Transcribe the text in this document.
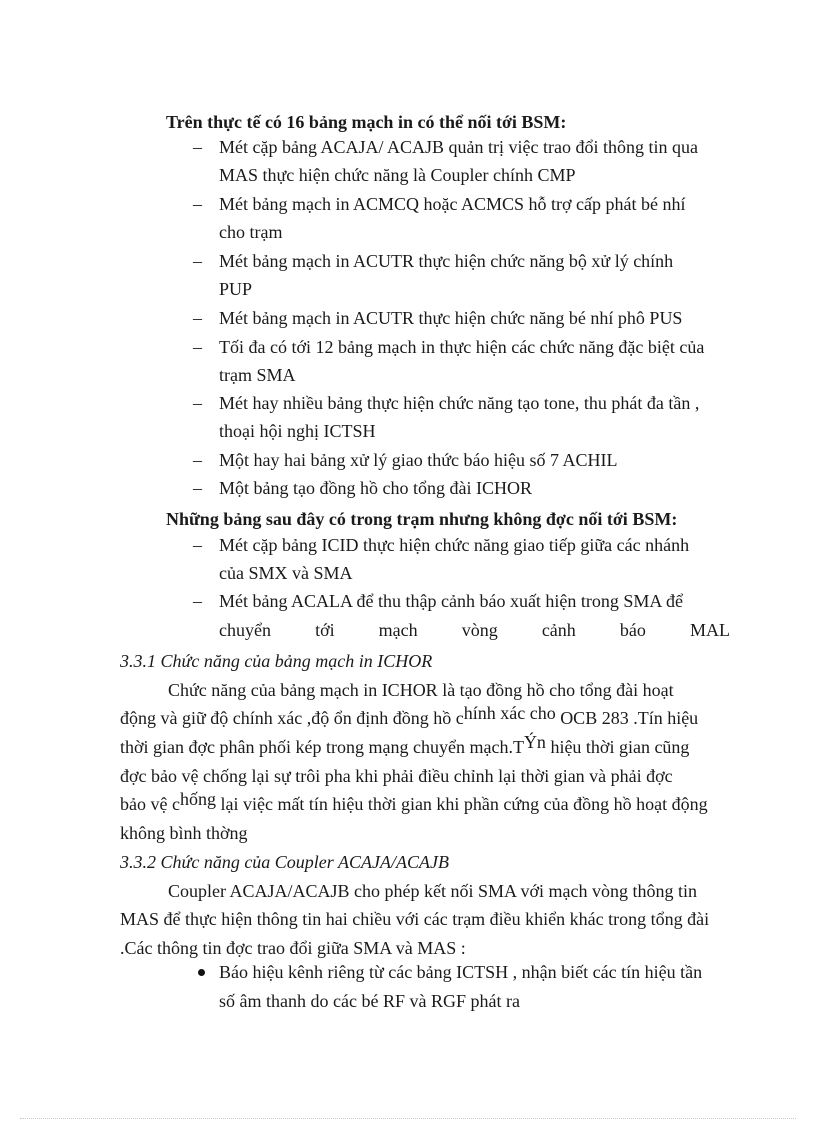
Trên thực tế có 16 bảng mạch in có thể nối tới BSM:
– Mét cặp bảng ACAJA/ ACAJB quản trị việc trao đổi thông tin qua
MAS thực hiện chức năng là Coupler chính CMP
– Mét bảng mạch in ACMCQ hoặc ACMCS hỗ trợ cấp phát bé nhí
cho trạm
– Mét bảng mạch in ACUTR thực hiện chức năng bộ xử lý chính
PUP
– Mét bảng mạch in ACUTR thực hiện chức năng bé nhí phô PUS
– Tối đa có tới 12 bảng mạch in thực hiện các chức năng đặc biệt của
trạm SMA
– Mét hay nhiều bảng thực hiện chức năng tạo tone, thu phát đa tần ,
thoại hội nghị ICTSH
– Một hay hai bảng xử lý giao thức báo hiệu số 7 ACHIL
– Một bảng tạo đồng hồ cho tổng đài ICHOR
Những bảng sau đây có trong trạm nhưng không đợc nối tới BSM:
– Mét cặp bảng ICID thực hiện chức năng giao tiếp giữa các nhánh
của SMX và SMA
– Mét bảng ACALA để thu thập cảnh báo xuất hiện trong SMA để
chuyển tới mạch vòng cảnh báo MAL
3.3.1 Chức năng của bảng mạch in ICHOR
Chức năng của bảng mạch in ICHOR là tạo đồng hồ cho tổng đài hoạt
động và giữ độ chính xác ,độ ổn định đồng hồ chính xác cho OCB 283 .Tín hiệu
thời gian đợc phân phối kép trong mạng chuyển mạch.TÝn hiệu thời gian cũng
đợc bảo vệ chống lại sự trôi pha khi phải điều chỉnh lại thời gian và phải đợc
bảo vệ chống lại việc mất tín hiệu thời gian khi phần cứng của đồng hồ hoạt động
không bình thờng
3.3.2 Chức năng của Coupler ACAJA/ACAJB
Coupler ACAJA/ACAJB cho phép kết nối SMA với mạch vòng thông tin
MAS để thực hiện thông tin hai chiều với các trạm điều khiển khác trong tổng đài
.Các thông tin đợc trao đổi giữa SMA và MAS :
Báo hiệu kênh riêng từ các bảng ICTSH , nhận biết các tín hiệu tần
số âm thanh do các bé RF và RGF phát ra
